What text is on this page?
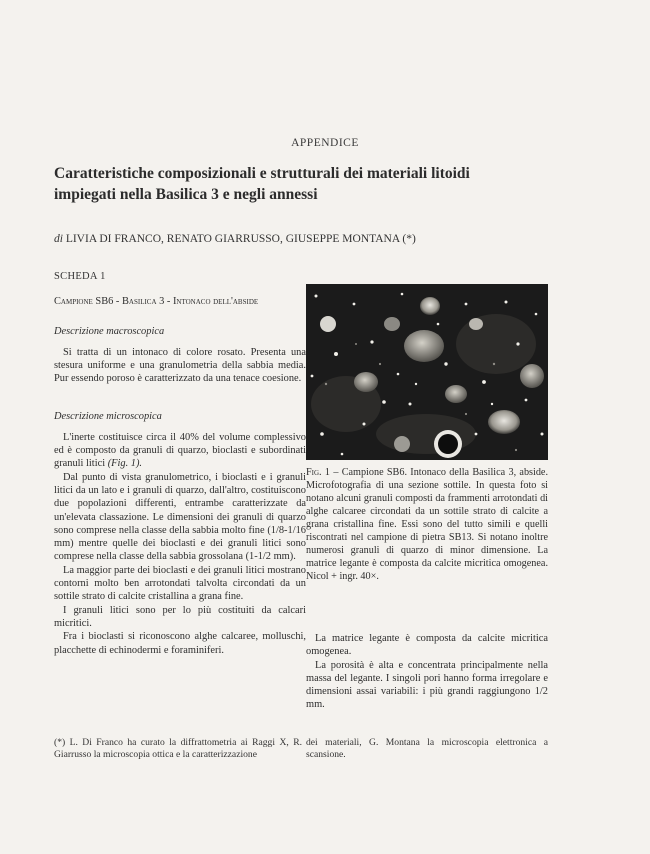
APPENDICE
Caratteristiche composizionali e strutturali dei materiali litoidi impiegati nella Basilica 3 e negli annessi
di LIVIA DI FRANCO, RENATO GIARRUSSO, GIUSEPPE MONTANA (*)
SCHEDA 1

Campione SB6 - Basilica 3 - Intonaco dell'abside

Descrizione macroscopica

Si tratta di un intonaco di colore rosato. Presenta una stesura uniforme e una granulometria della sabbia media. Pur essendo poroso è caratterizzato da una tenace coesione.

Descrizione microscopica

L'inerte costituisce circa il 40% del volume complessivo ed è composto da granuli di quarzo, bioclasti e subordinati granuli litici (Fig. 1).

Dal punto di vista granulometrico, i bioclasti e i granuli litici da un lato e i granuli di quarzo, dall'altro, costituiscono due popolazioni differenti, entrambe caratterizzate da un'elevata classazione. Le dimensioni dei granuli di quarzo sono comprese nella classe della sabbia molto fine (1/8-1/16 mm) mentre quelle dei bioclasti e dei granuli litici sono comprese nella classe della sabbia grossolana (1-1/2 mm).

La maggior parte dei bioclasti e dei granuli litici mostrano contorni molto ben arrotondati talvolta circondati da un sottile strato di calcite cristallina a grana fine.

I granuli litici sono per lo più costituiti da calcari micritici.

Fra i bioclasti si riconoscono alghe calcaree, molluschi, placchette di echinodermi e foraminiferi.

Fig. 1 – Campione SB6. Intonaco della Basilica 3, abside. Microfotografia di una sezione sottile. In questa foto si notano alcuni granuli composti da frammenti arrotondati di alghe calcaree circondati da un sottile strato di calcite a grana cristallina fine. Essi sono del tutto simili e quelli riscontrati nel campione di pietra SB13. Si notano inoltre numerosi granuli di quarzo di minor dimensione. La matrice legante è composta da calcite micritica omogenea. Nicol + ingr. 40×.

La matrice legante è composta da calcite micritica omogenea.

La porosità è alta e concentrata principalmente nella massa del legante. I singoli pori hanno forma irregolare e dimensioni assai variabili: i più grandi raggiungono 1/2 mm.

(*) L. Di Franco ha curato la diffrattometria ai Raggi X, R. Giarrusso la microscopia ottica e la caratterizzazione
dei materiali, G. Montana la microscopia elettronica a scansione.
